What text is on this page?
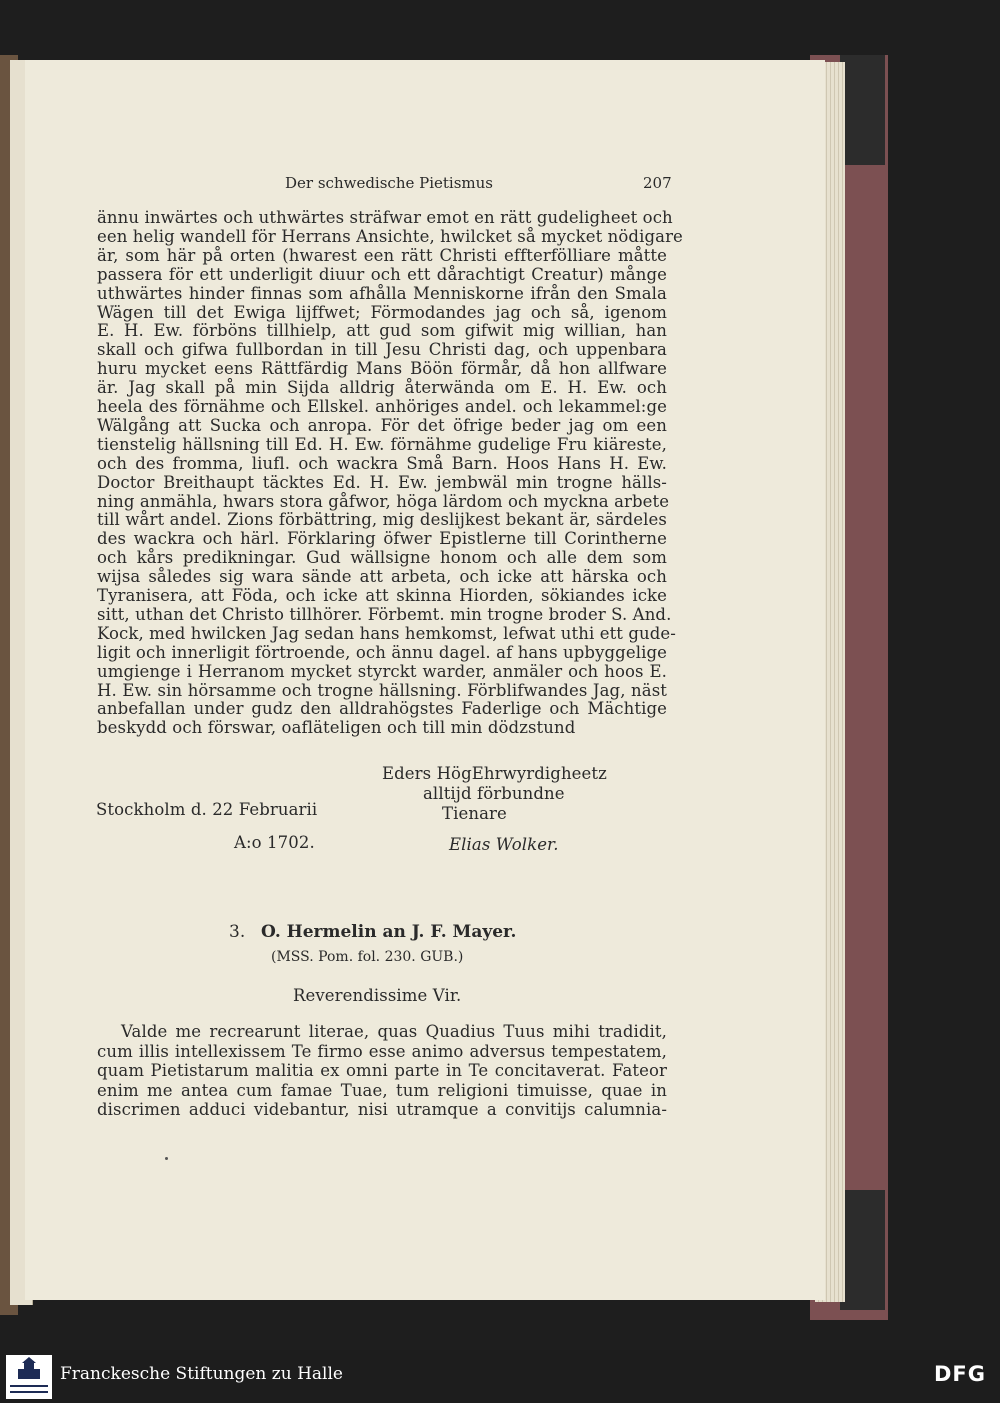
Der schwedische Pietismus	207
ännu inwärtes och uthwärtes sträfwar emot en rätt gudeligheet och
een helig wandell för Herrans Ansichte, hwilcket så mycket nödigare
är, som här på orten (hwarest een rätt Christi effterfölliare måtte
passera för ett underligit diuur och ett dårachtigt Creatur) månge
uthwärtes hinder finnas som afhålla Menniskorne ifrån den Smala
Wägen till det Ewiga lijffwet; Förmodandes jag och så, igenom
E. H. Ew. förböns tillhielp, att gud som gifwit mig willian, han
skall och gifwa fullbordan in till Jesu Christi dag, och uppenbara
huru mycket eens Rättfärdig Mans Böön förmår, då hon allfware
är. Jag skall på min Sijda alldrig återwända om E. H. Ew. och
heela des förnähme och Ellskel. anhöriges andel. och lekammel:ge
Wälgång att Sucka och anropa. För det öfrige beder jag om een
tienstelig hällsning till Ed. H. Ew. förnähme gudelige Fru kiäreste,
och des fromma, liufl. och wackra Små Barn. Hoos Hans H. Ew.
Doctor Breithaupt täcktes Ed. H. Ew. jembwäl min trogne hälls-
ning anmähla, hwars stora gåfwor, höga lärdom och myckna arbete
till wårt andel. Zions förbättring, mig deslijkest bekant är, särdeles
des wackra och härl. Förklaring öfwer Epistlerne till Corintherne
och kårs predikningar. Gud wällsigne honom och alle dem som
wijsa således sig wara sände att arbeta, och icke att härska och
Tyranisera, att Föda, och icke att skinna Hiorden, sökiandes icke
sitt, uthan det Christo tillhörer. Förbemt. min trogne broder S. And.
Kock, med hwilcken Jag sedan hans hemkomst, lefwat uthi ett gude-
ligit och innerligit förtroende, och ännu dagel. af hans upbyggelige
umgienge i Herranom mycket styrckt warder, anmäler och hoos E.
H. Ew. sin hörsamme och trogne hällsning. Förblifwandes Jag, näst
anbefallan under gudz den alldrahögstes Faderlige och Mächtige
beskydd och förswar, oafläteligen och till min dödzstund
Eders HögEhrwyrdigheetz
alltijd förbundne
Stockholm d. 22 Februarii	Tienare
A:o 1702.	Elias Wolker.
3. O. Hermelin an J. F. Mayer.
(MSS. Pom. fol. 230. GUB.)
Reverendissime Vir.
Valde me recrearunt literae, quas Quadius Tuus mihi tradidit,
cum illis intellexissem Te firmo esse animo adversus tempestatem,
quam Pietistarum malitia ex omni parte in Te concitaverat. Fateor
enim me antea cum famae Tuae, tum religioni timuisse, quae in
discrimen adduci videbantur, nisi utramque a convitijs calumnia-
Franckesche Stiftungen zu Halle	DFG
